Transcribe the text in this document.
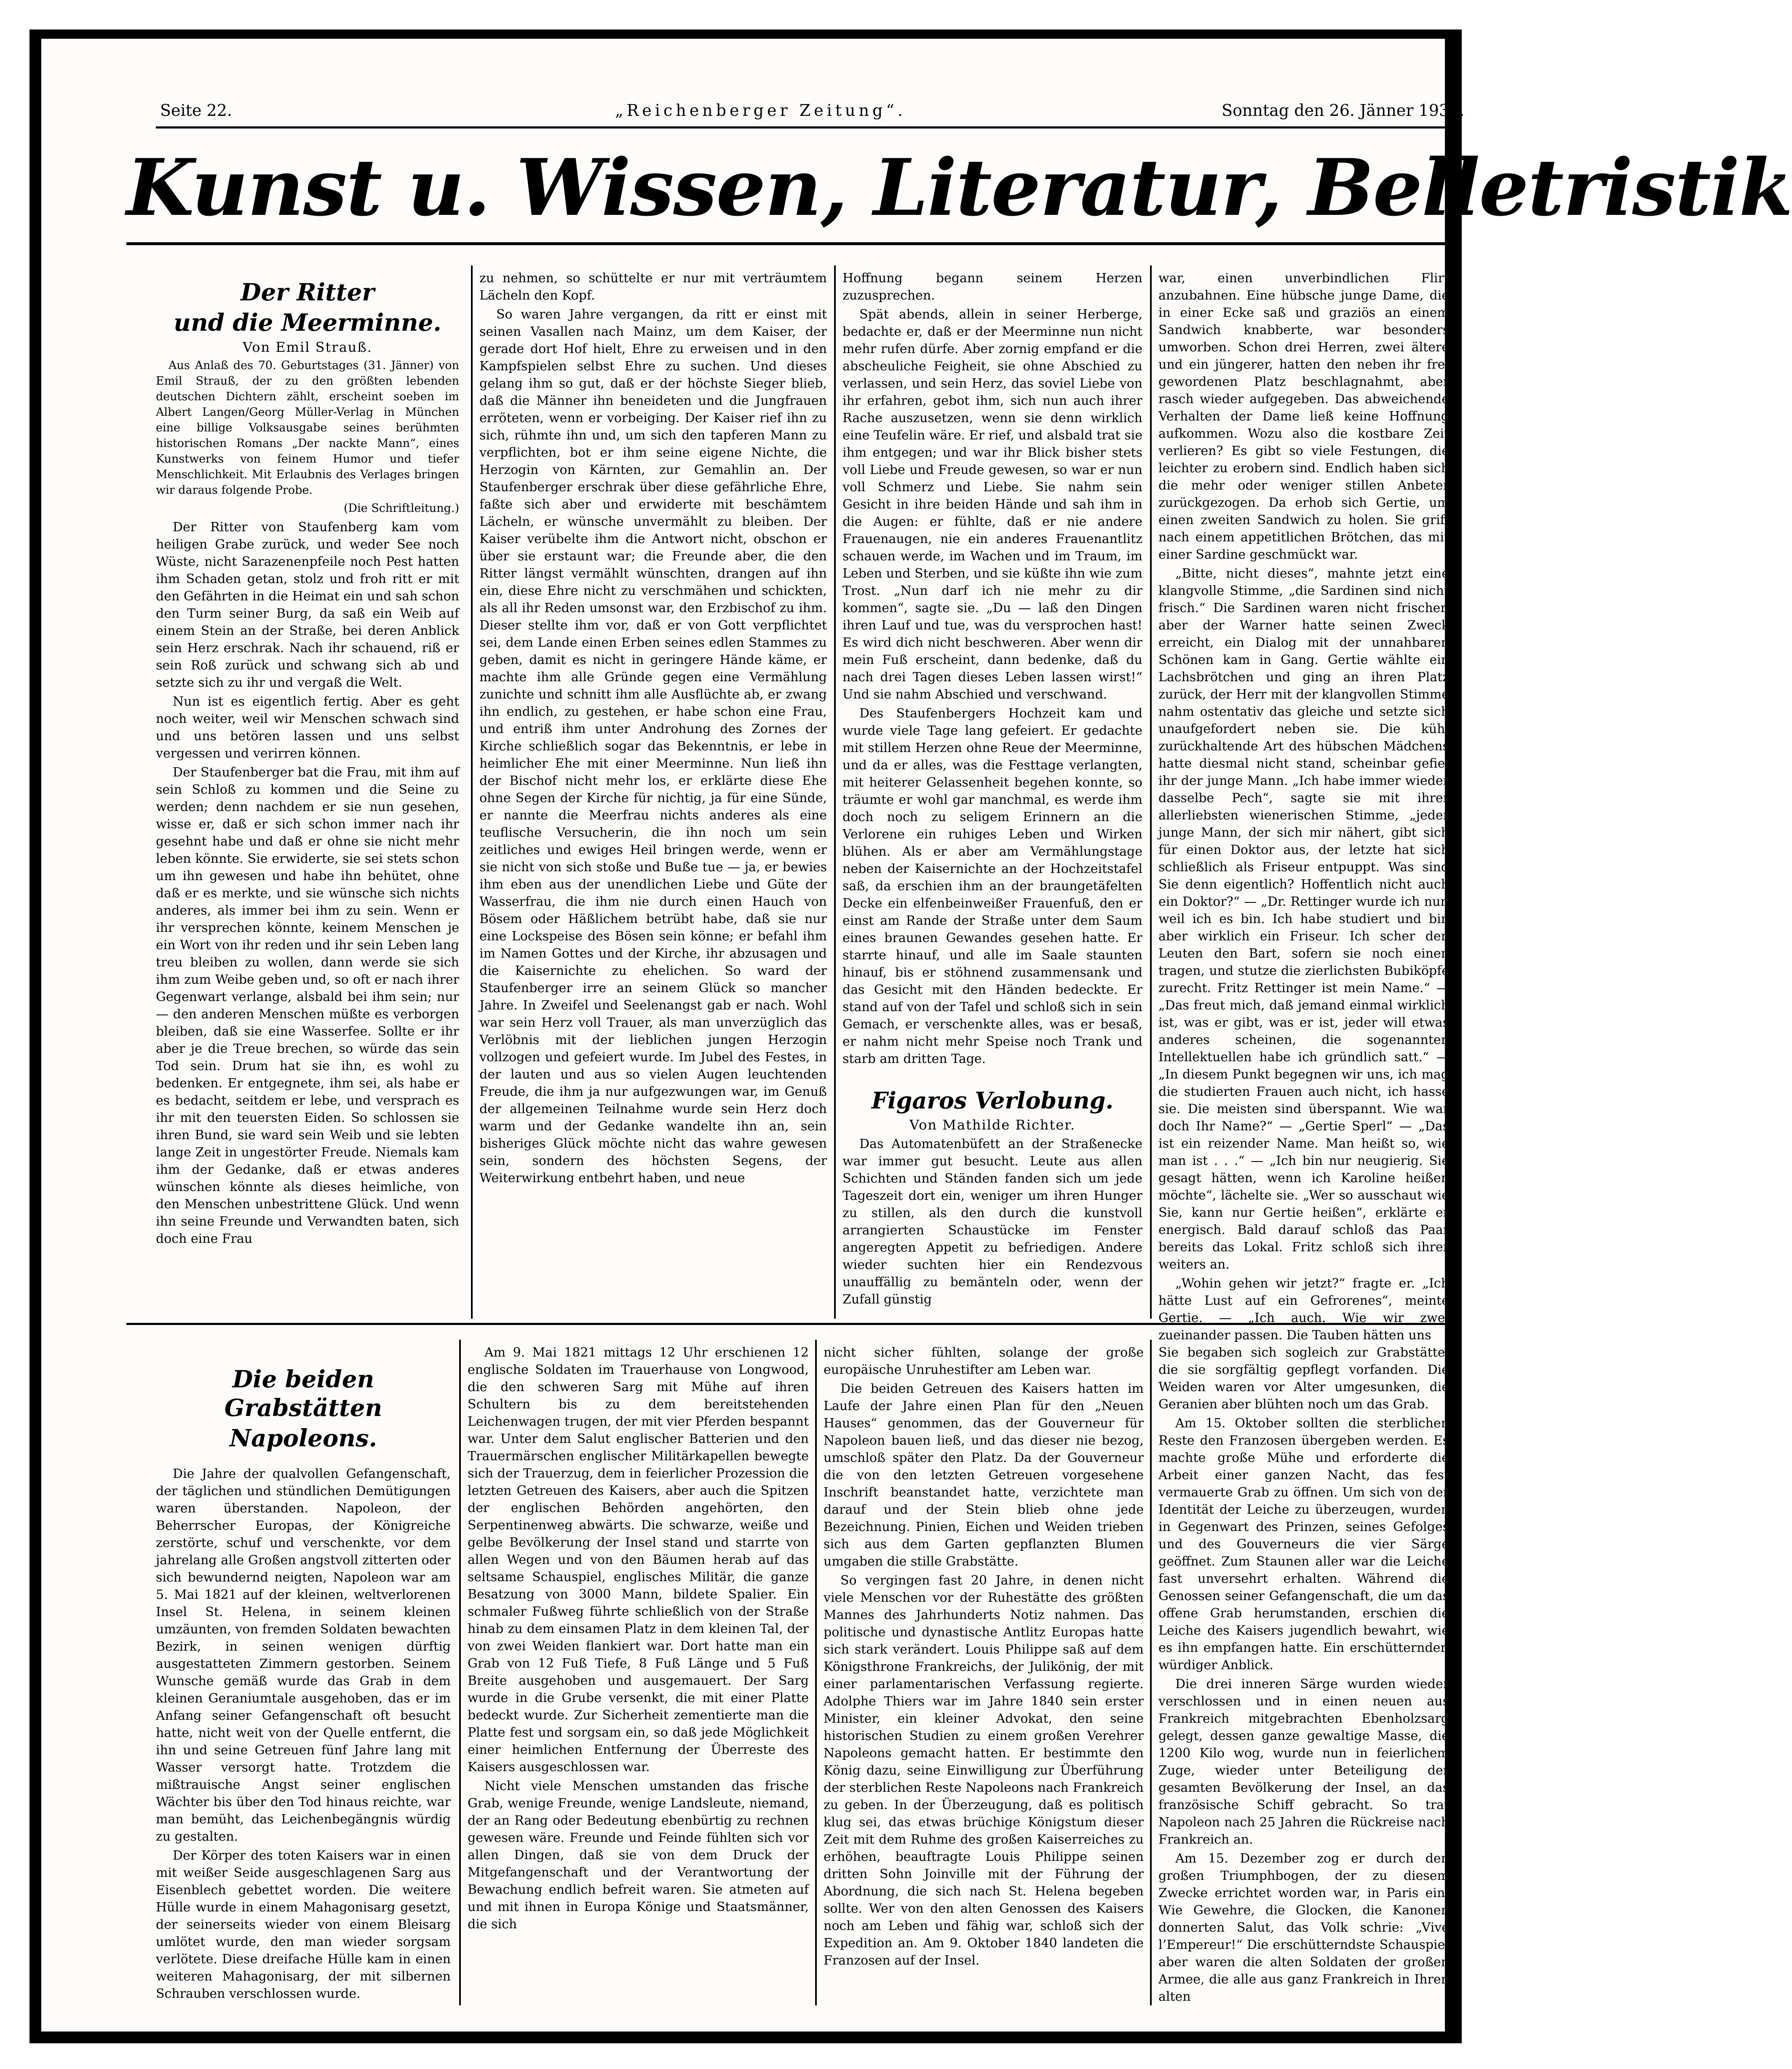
Seite 22.	„Reichenberger Zeitung“.	Sonntag den 26. Jänner 1938.
Kunst u. Wissen, Literatur, Belletristik

Der Ritter

und die Meerminne.

Von Emil Strauß.

Aus Anlaß des 70. Geburtstages (31. Jänner) von Emil Strauß, der zu den größten lebenden deutschen Dichtern zählt, erscheint soeben im Albert Langen/Georg Müller-Verlag in München eine billige Volksausgabe seines berühmten historischen Romans „Der nackte Mann“, eines Kunstwerks von feinem Humor und tiefer Menschlichkeit. Mit Erlaubnis des Verlages bringen wir daraus folgende Probe.

(Die Schriftleitung.)

Der Ritter von Staufenberg kam vom heiligen Grabe zurück, und weder See noch Wüste, nicht Sarazenenpfeile noch Pest hatten ihm Schaden getan, stolz und froh ritt er mit den Gefährten in die Heimat ein und sah schon den Turm seiner Burg, da saß ein Weib auf einem Stein an der Straße, bei deren Anblick sein Herz erschrak. Nach ihr schauend, riß er sein Roß zurück und schwang sich ab und setzte sich zu ihr und vergaß die Welt.

Nun ist es eigentlich fertig. Aber es geht noch weiter, weil wir Menschen schwach sind und uns betören lassen und uns selbst vergessen und verirren können.

Der Staufenberger bat die Frau, mit ihm auf sein Schloß zu kommen und die Seine zu werden; denn nachdem er sie nun gesehen, wisse er, daß er sich schon immer nach ihr gesehnt habe und daß er ohne sie nicht mehr leben könnte. Sie erwiderte, sie sei stets schon um ihn gewesen und habe ihn behütet, ohne daß er es merkte, und sie wünsche sich nichts anderes, als immer bei ihm zu sein. Wenn er ihr versprechen könnte, keinem Menschen je ein Wort von ihr reden und ihr sein Leben lang treu bleiben zu wollen, dann werde sie sich ihm zum Weibe geben und, so oft er nach ihrer Gegenwart verlange, alsbald bei ihm sein; nur — den anderen Menschen müßte es verborgen bleiben, daß sie eine Wasserfee. Sollte er ihr aber je die Treue brechen, so würde das sein Tod sein. Drum hat sie ihn, es wohl zu bedenken. Er entgegnete, ihm sei, als habe er es bedacht, seitdem er lebe, und versprach es ihr mit den teuersten Eiden. So schlossen sie ihren Bund, sie ward sein Weib und sie lebten lange Zeit in ungestörter Freude. Niemals kam ihm der Gedanke, daß er etwas anderes wünschen könnte als dieses heimliche, von den Menschen unbestrittene Glück. Und wenn ihn seine Freunde und Verwandten baten, sich doch eine Frau

zu nehmen, so schüttelte er nur mit verträumtem Lächeln den Kopf.

So waren Jahre vergangen, da ritt er einst mit seinen Vasallen nach Mainz, um dem Kaiser, der gerade dort Hof hielt, Ehre zu erweisen und in den Kampfspielen selbst Ehre zu suchen. Und dieses gelang ihm so gut, daß er der höchste Sieger blieb, daß die Männer ihn beneideten und die Jungfrauen erröteten, wenn er vorbeiging. Der Kaiser rief ihn zu sich, rühmte ihn und, um sich den tapferen Mann zu verpflichten, bot er ihm seine eigene Nichte, die Herzogin von Kärnten, zur Gemahlin an. Der Staufenberger erschrak über diese gefährliche Ehre, faßte sich aber und erwiderte mit beschämtem Lächeln, er wünsche unvermählt zu bleiben. Der Kaiser verübelte ihm die Antwort nicht, obschon er über sie erstaunt war; die Freunde aber, die den Ritter längst vermählt wünschten, drangen auf ihn ein, diese Ehre nicht zu verschmähen und schickten, als all ihr Reden umsonst war, den Erzbischof zu ihm. Dieser stellte ihm vor, daß er von Gott verpflichtet sei, dem Lande einen Erben seines edlen Stammes zu geben, damit es nicht in geringere Hände käme, er machte ihm alle Gründe gegen eine Vermählung zunichte und schnitt ihm alle Ausflüchte ab, er zwang ihn endlich, zu gestehen, er habe schon eine Frau, und entriß ihm unter Androhung des Zornes der Kirche schließlich sogar das Bekenntnis, er lebe in heimlicher Ehe mit einer Meerminne. Nun ließ ihn der Bischof nicht mehr los, er erklärte diese Ehe ohne Segen der Kirche für nichtig, ja für eine Sünde, er nannte die Meerfrau nichts anderes als eine teuflische Versucherin, die ihn noch um sein zeitliches und ewiges Heil bringen werde, wenn er sie nicht von sich stoße und Buße tue — ja, er bewies ihm eben aus der unendlichen Liebe und Güte der Wasserfrau, die ihm nie durch einen Hauch von Bösem oder Häßlichem betrübt habe, daß sie nur eine Lockspeise des Bösen sein könne; er befahl ihm im Namen Gottes und der Kirche, ihr abzusagen und die Kaisernichte zu ehelichen. So ward der Staufenberger irre an seinem Glück so mancher Jahre. In Zweifel und Seelenangst gab er nach. Wohl war sein Herz voll Trauer, als man unverzüglich das Verlöbnis mit der lieblichen jungen Herzogin vollzogen und gefeiert wurde. Im Jubel des Festes, in der lauten und aus so vielen Augen leuchtenden Freude, die ihm ja nur aufgezwungen war, im Genuß der allgemeinen Teilnahme wurde sein Herz doch warm und der Gedanke wandelte ihn an, sein bisheriges Glück möchte nicht das wahre gewesen sein, sondern des höchsten Segens, der Weiterwirkung entbehrt haben, und neue

Hoffnung begann seinem Herzen zuzusprechen.

Spät abends, allein in seiner Herberge, bedachte er, daß er der Meerminne nun nicht mehr rufen dürfe. Aber zornig empfand er die abscheuliche Feigheit, sie ohne Abschied zu verlassen, und sein Herz, das soviel Liebe von ihr erfahren, gebot ihm, sich nun auch ihrer Rache auszusetzen, wenn sie denn wirklich eine Teufelin wäre. Er rief, und alsbald trat sie ihm entgegen; und war ihr Blick bisher stets voll Liebe und Freude gewesen, so war er nun voll Schmerz und Liebe. Sie nahm sein Gesicht in ihre beiden Hände und sah ihm in die Augen: er fühlte, daß er nie andere Frauenaugen, nie ein anderes Frauenantlitz schauen werde, im Wachen und im Traum, im Leben und Sterben, und sie küßte ihn wie zum Trost. „Nun darf ich nie mehr zu dir kommen“, sagte sie. „Du — laß den Dingen ihren Lauf und tue, was du versprochen hast! Es wird dich nicht beschweren. Aber wenn dir mein Fuß erscheint, dann bedenke, daß du nach drei Tagen dieses Leben lassen wirst!“ Und sie nahm Abschied und verschwand.

Des Staufenbergers Hochzeit kam und wurde viele Tage lang gefeiert. Er gedachte mit stillem Herzen ohne Reue der Meerminne, und da er alles, was die Festtage verlangten, mit heiterer Gelassenheit begehen konnte, so träumte er wohl gar manchmal, es werde ihm doch noch zu seligem Erinnern an die Verlorene ein ruhiges Leben und Wirken blühen. Als er aber am Vermählungstage neben der Kaisernichte an der Hochzeitstafel saß, da erschien ihm an der braungetäfelten Decke ein elfenbeinweißer Frauenfuß, den er einst am Rande der Straße unter dem Saum eines braunen Gewandes gesehen hatte. Er starrte hinauf, und alle im Saale staunten hinauf, bis er stöhnend zusammensank und das Gesicht mit den Händen bedeckte. Er stand auf von der Tafel und schloß sich in sein Gemach, er verschenkte alles, was er besaß, er nahm nicht mehr Speise noch Trank und starb am dritten Tage.

Figaros Verlobung.

Von Mathilde Richter.

Das Automatenbüfett an der Straßenecke war immer gut besucht. Leute aus allen Schichten und Ständen fanden sich um jede Tageszeit dort ein, weniger um ihren Hunger zu stillen, als den durch die kunstvoll arrangierten Schaustücke im Fenster angeregten Appetit zu befriedigen. Andere wieder suchten hier ein Rendezvous unauffällig zu bemänteln oder, wenn der Zufall günstig

war, einen unverbindlichen Flirt anzubahnen. Eine hübsche junge Dame, die in einer Ecke saß und graziös an einem Sandwich knabberte, war besonders umworben. Schon drei Herren, zwei ältere und ein jüngerer, hatten den neben ihr frei gewordenen Platz beschlagnahmt, aber rasch wieder aufgegeben. Das abweichende Verhalten der Dame ließ keine Hoffnung aufkommen. Wozu also die kostbare Zeit verlieren? Es gibt so viele Festungen, die leichter zu erobern sind. Endlich haben sich die mehr oder weniger stillen Anbeter zurückgezogen. Da erhob sich Gertie, um einen zweiten Sandwich zu holen. Sie griff nach einem appetitlichen Brötchen, das mit einer Sardine geschmückt war.

„Bitte, nicht dieses“, mahnte jetzt eine klangvolle Stimme, „die Sardinen sind nicht frisch.“ Die Sardinen waren nicht frischer, aber der Warner hatte seinen Zweck erreicht, ein Dialog mit der unnahbaren Schönen kam in Gang. Gertie wählte ein Lachsbrötchen und ging an ihren Platz zurück, der Herr mit der klangvollen Stimme nahm ostentativ das gleiche und setzte sich unaufgefordert neben sie. Die kühl zurückhaltende Art des hübschen Mädchens hatte diesmal nicht stand, scheinbar gefiel ihr der junge Mann. „Ich habe immer wieder dasselbe Pech“, sagte sie mit ihrer allerliebsten wienerischen Stimme, „jeder junge Mann, der sich mir nähert, gibt sich für einen Doktor aus, der letzte hat sich schließlich als Friseur entpuppt. Was sind Sie denn eigentlich? Hoffentlich nicht auch ein Doktor?“ — „Dr. Rettinger wurde ich nur, weil ich es bin. Ich habe studiert und bin aber wirklich ein Friseur. Ich scher den Leuten den Bart, sofern sie noch einen tragen, und stutze die zierlichsten Bubiköpfe zurecht. Fritz Rettinger ist mein Name.“ — „Das freut mich, daß jemand einmal wirklich ist, was er gibt, was er ist, jeder will etwas anderes scheinen, die sogenannten Intellektuellen habe ich gründlich satt.“ — „In diesem Punkt begegnen wir uns, ich mag die studierten Frauen auch nicht, ich hasse sie. Die meisten sind überspannt. Wie war doch Ihr Name?“ — „Gertie Sperl“ — „Das ist ein reizender Name. Man heißt so, wie man ist . . .“ — „Ich bin nur neugierig. Sie gesagt hätten, wenn ich Karoline heißen möchte“, lächelte sie. „Wer so ausschaut wie Sie, kann nur Gertie heißen“, erklärte er energisch. Bald darauf schloß das Paar bereits das Lokal. Fritz schloß sich ihrer weiters an.

„Wohin gehen wir jetzt?“ fragte er. „Ich hätte Lust auf ein Gefrorenes“, meinte Gertie. — „Ich auch. Wie wir zwei zueinander passen. Die Tauben hätten uns

Die beiden Grabstätten

Napoleons.

Die Jahre der qualvollen Gefangenschaft, der täglichen und stündlichen Demütigungen waren überstanden. Napoleon, der Beherrscher Europas, der Königreiche zerstörte, schuf und verschenkte, vor dem jahrelang alle Großen angstvoll zitterten oder sich bewundernd neigten, Napoleon war am 5. Mai 1821 auf der kleinen, weltverlorenen Insel St. Helena, in seinem kleinen umzäunten, von fremden Soldaten bewachten Bezirk, in seinen wenigen dürftig ausgestatteten Zimmern gestorben. Seinem Wunsche gemäß wurde das Grab in dem kleinen Geraniumtale ausgehoben, das er im Anfang seiner Gefangenschaft oft besucht hatte, nicht weit von der Quelle entfernt, die ihn und seine Getreuen fünf Jahre lang mit Wasser versorgt hatte. Trotzdem die mißtrauische Angst seiner englischen Wächter bis über den Tod hinaus reichte, war man bemüht, das Leichenbegängnis würdig zu gestalten.

Der Körper des toten Kaisers war in einen mit weißer Seide ausgeschlagenen Sarg aus Eisenblech gebettet worden. Die weitere Hülle wurde in einem Mahagonisarg gesetzt, der seinerseits wieder von einem Bleisarg umlötet wurde, den man wieder sorgsam verlötete. Diese dreifache Hülle kam in einen weiteren Mahagonisarg, der mit silbernen Schrauben verschlossen wurde.

Am 9. Mai 1821 mittags 12 Uhr erschienen 12 englische Soldaten im Trauerhause von Longwood, die den schweren Sarg mit Mühe auf ihren Schultern bis zu dem bereitstehenden Leichenwagen trugen, der mit vier Pferden bespannt war. Unter dem Salut englischer Batterien und den Trauermärschen englischer Militärkapellen bewegte sich der Trauerzug, dem in feierlicher Prozession die letzten Getreuen des Kaisers, aber auch die Spitzen der englischen Behörden angehörten, den Serpentinenweg abwärts. Die schwarze, weiße und gelbe Bevölkerung der Insel stand und starrte von allen Wegen und von den Bäumen herab auf das seltsame Schauspiel, englisches Militär, die ganze Besatzung von 3000 Mann, bildete Spalier. Ein schmaler Fußweg führte schließlich von der Straße hinab zu dem einsamen Platz in dem kleinen Tal, der von zwei Weiden flankiert war. Dort hatte man ein Grab von 12 Fuß Tiefe, 8 Fuß Länge und 5 Fuß Breite ausgehoben und ausgemauert. Der Sarg wurde in die Grube versenkt, die mit einer Platte bedeckt wurde. Zur Sicherheit zementierte man die Platte fest und sorgsam ein, so daß jede Möglichkeit einer heimlichen Entfernung der Überreste des Kaisers ausgeschlossen war.

Nicht viele Menschen umstanden das frische Grab, wenige Freunde, wenige Landsleute, niemand, der an Rang oder Bedeutung ebenbürtig zu rechnen gewesen wäre. Freunde und Feinde fühlten sich vor allen Dingen, daß sie von dem Druck der Mitgefangenschaft und der Verantwortung der Bewachung endlich befreit waren. Sie atmeten auf und mit ihnen in Europa Könige und Staatsmänner, die sich

nicht sicher fühlten, solange der große europäische Unruhestifter am Leben war.

Die beiden Getreuen des Kaisers hatten im Laufe der Jahre einen Plan für den „Neuen Hauses“ genommen, das der Gouverneur für Napoleon bauen ließ, und das dieser nie bezog, umschloß später den Platz. Da der Gouverneur die von den letzten Getreuen vorgesehene Inschrift beanstandet hatte, verzichtete man darauf und der Stein blieb ohne jede Bezeichnung. Pinien, Eichen und Weiden trieben sich aus dem Garten gepflanzten Blumen umgaben die stille Grabstätte.

So vergingen fast 20 Jahre, in denen nicht viele Menschen vor der Ruhestätte des größten Mannes des Jahrhunderts Notiz nahmen. Das politische und dynastische Antlitz Europas hatte sich stark verändert. Louis Philippe saß auf dem Königsthrone Frankreichs, der Julikönig, der mit einer parlamentarischen Verfassung regierte. Adolphe Thiers war im Jahre 1840 sein erster Minister, ein kleiner Advokat, den seine historischen Studien zu einem großen Verehrer Napoleons gemacht hatten. Er bestimmte den König dazu, seine Einwilligung zur Überführung der sterblichen Reste Napoleons nach Frankreich zu geben. In der Überzeugung, daß es politisch klug sei, das etwas brüchige Königstum dieser Zeit mit dem Ruhme des großen Kaiserreiches zu erhöhen, beauftragte Louis Philippe seinen dritten Sohn Joinville mit der Führung der Abordnung, die sich nach St. Helena begeben sollte. Wer von den alten Genossen des Kaisers noch am Leben und fähig war, schloß sich der Expedition an. Am 9. Oktober 1840 landeten die Franzosen auf der Insel.

Sie begaben sich sogleich zur Grabstätte, die sie sorgfältig gepflegt vorfanden. Die Weiden waren vor Alter umgesunken, die Geranien aber blühten noch um das Grab.

Am 15. Oktober sollten die sterblichen Reste den Franzosen übergeben werden. Es machte große Mühe und erforderte die Arbeit einer ganzen Nacht, das fest vermauerte Grab zu öffnen. Um sich von der Identität der Leiche zu überzeugen, wurden in Gegenwart des Prinzen, seines Gefolges und des Gouverneurs die vier Särge geöffnet. Zum Staunen aller war die Leiche fast unversehrt erhalten. Während die Genossen seiner Gefangenschaft, die um das offene Grab herumstanden, erschien die Leiche des Kaisers jugendlich bewahrt, wie es ihn empfangen hatte. Ein erschütternder, würdiger Anblick.

Die drei inneren Särge wurden wieder verschlossen und in einen neuen aus Frankreich mitgebrachten Ebenholzsarg gelegt, dessen ganze gewaltige Masse, die 1200 Kilo wog, wurde nun in feierlichem Zuge, wieder unter Beteiligung der gesamten Bevölkerung der Insel, an das französische Schiff gebracht. So trat Napoleon nach 25 Jahren die Rückreise nach Frankreich an.

Am 15. Dezember zog er durch den großen Triumphbogen, der zu diesem Zwecke errichtet worden war, in Paris ein. Wie Gewehre, die Glocken, die Kanonen donnerten Salut, das Volk schrie: „Vive l’Empereur!“ Die erschütterndste Schauspiel aber waren die alten Soldaten der großen Armee, die alle aus ganz Frankreich in Ihren alten
